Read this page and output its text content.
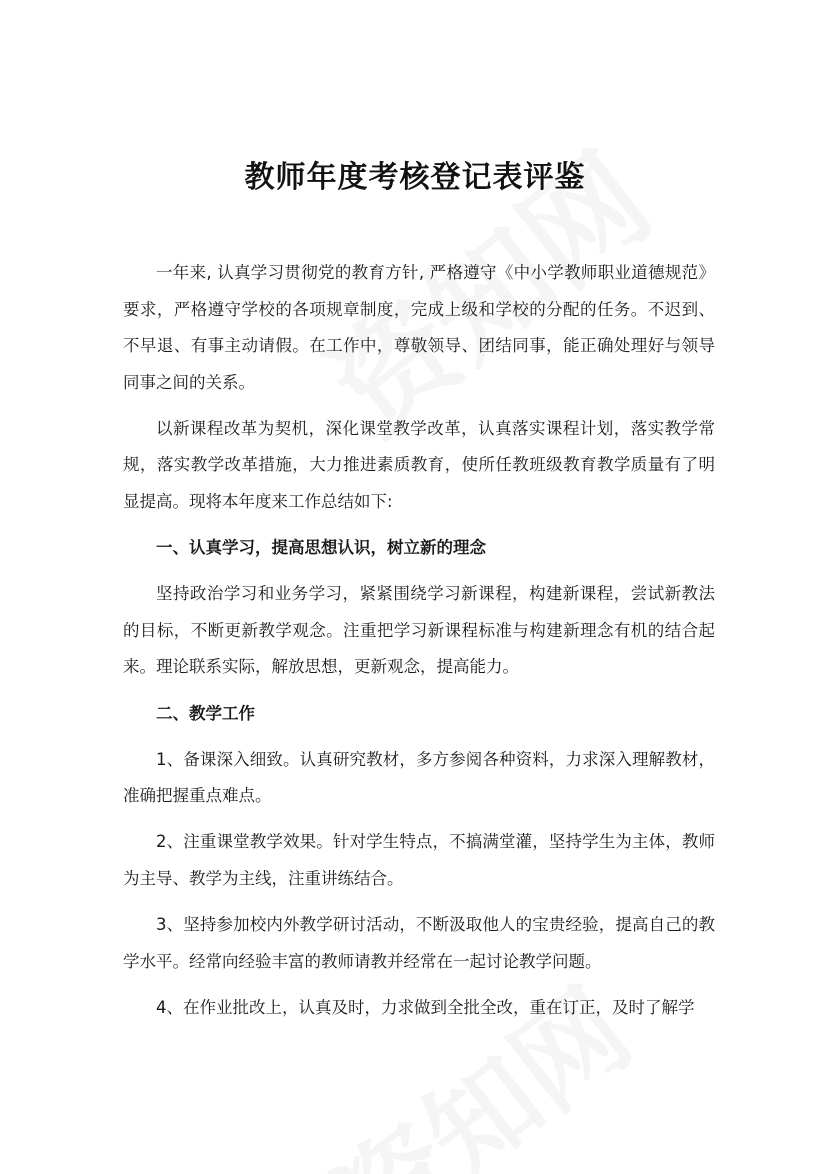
教师年度考核登记表评鉴

一年来, 认真学习贯彻党的教育方针, 严格遵守《中小学教师职业道德规范》要求，严格遵守学校的各项规章制度，完成上级和学校的分配的任务。不迟到、不早退、有事主动请假。在工作中，尊敬领导、团结同事，能正确处理好与领导同事之间的关系。

以新课程改革为契机，深化课堂教学改革，认真落实课程计划，落实教学常规，落实教学改革措施，大力推进素质教育，使所任教班级教育教学质量有了明显提高。现将本年度来工作总结如下:

一、认真学习，提高思想认识，树立新的理念

坚持政治学习和业务学习，紧紧围绕学习新课程，构建新课程，尝试新教法的目标，不断更新教学观念。注重把学习新课程标准与构建新理念有机的结合起来。理论联系实际，解放思想，更新观念，提高能力。

二、教学工作

1、备课深入细致。认真研究教材，多方参阅各种资料，力求深入理解教材，准确把握重点难点。

2、注重课堂教学效果。针对学生特点，不搞满堂灌，坚持学生为主体，教师为主导、教学为主线，注重讲练结合。

3、坚持参加校内外教学研讨活动，不断汲取他人的宝贵经验，提高自己的教学水平。经常向经验丰富的教师请教并经常在一起讨论教学问题。

4、在作业批改上，认真及时，力求做到全批全改，重在订正，及时了解学
